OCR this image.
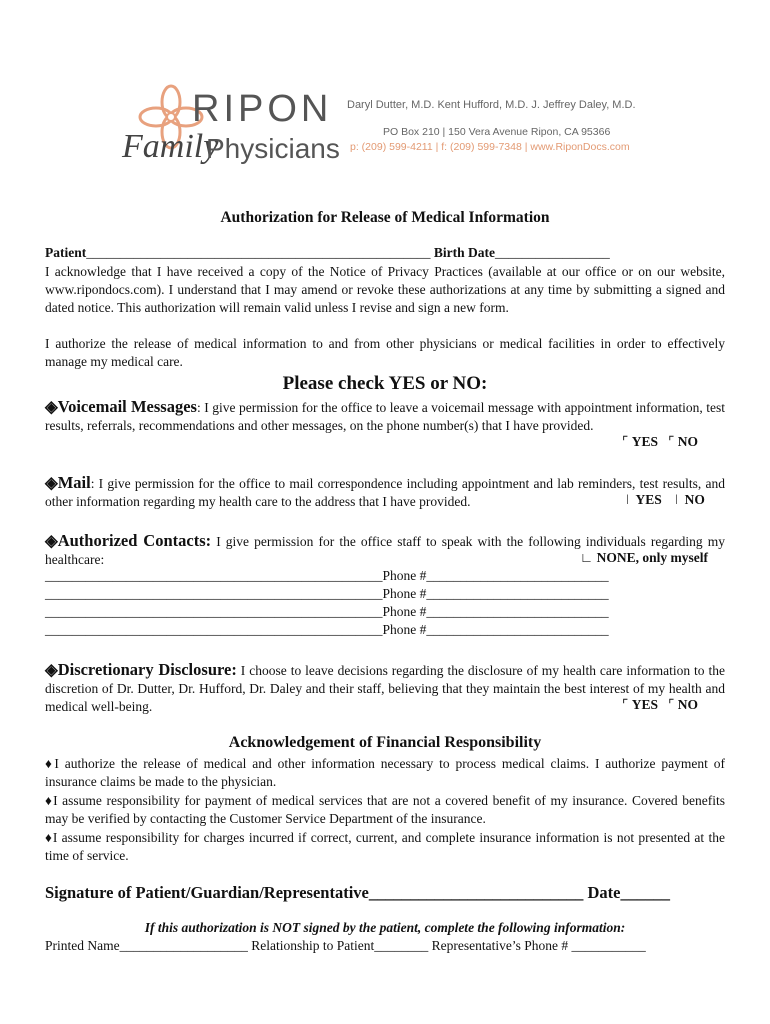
RIPON
Family
Physicians
Daryl Dutter, M.D. Kent Hufford, M.D. J. Jeffrey Daley, M.D.
PO Box 210 | 150 Vera Avenue Ripon, CA 95366
p: (209) 599-4211 | f: (209) 599-7348 | www.RiponDocs.com
Authorization for Release of Medical Information
Patient___________________________________________________ Birth Date_________________
I acknowledge that I have received a copy of the Notice of Privacy Practices (available at our office or on our website, www.ripondocs.com). I understand that I may amend or revoke these authorizations at any time by submitting a signed and dated notice. This authorization will remain valid unless I revise and sign a new form.
I authorize the release of medical information to and from other physicians or medical facilities in order to effectively manage my medical care.
Please check YES or NO:
◈Voicemail Messages: I give permission for the office to leave a voicemail message with appointment information, test results, referrals, recommendations and other messages, on the phone number(s) that I have provided.
⌜ YES ⌜ NO
◈Mail: I give permission for the office to mail correspondence including appointment and lab reminders, test results, and other information regarding my health care to the address that I have provided.	ǀ YES ǀ NO
◈Authorized Contacts: I give permission for the office staff to speak with the following individuals regarding my healthcare:	∟ NONE, only myself
__________________________________________________Phone #___________________________
__________________________________________________Phone #___________________________
__________________________________________________Phone #___________________________
__________________________________________________Phone #___________________________
◈Discretionary Disclosure: I choose to leave decisions regarding the disclosure of my health care information to the discretion of Dr. Dutter, Dr. Hufford, Dr. Daley and their staff, believing that they maintain the best interest of my health and medical well-being.	⌜ YES ⌜ NO
Acknowledgement of Financial Responsibility
♦I authorize the release of medical and other information necessary to process medical claims. I authorize payment of insurance claims be made to the physician.
♦I assume responsibility for payment of medical services that are not a covered benefit of my insurance. Covered benefits may be verified by contacting the Customer Service Department of the insurance.
♦I assume responsibility for charges incurred if correct, current, and complete insurance information is not presented at the time of service.
Signature of Patient/Guardian/Representative__________________________ Date______
If this authorization is NOT signed by the patient, complete the following information:
Printed Name___________________ Relationship to Patient________ Representative’s Phone # ___________
